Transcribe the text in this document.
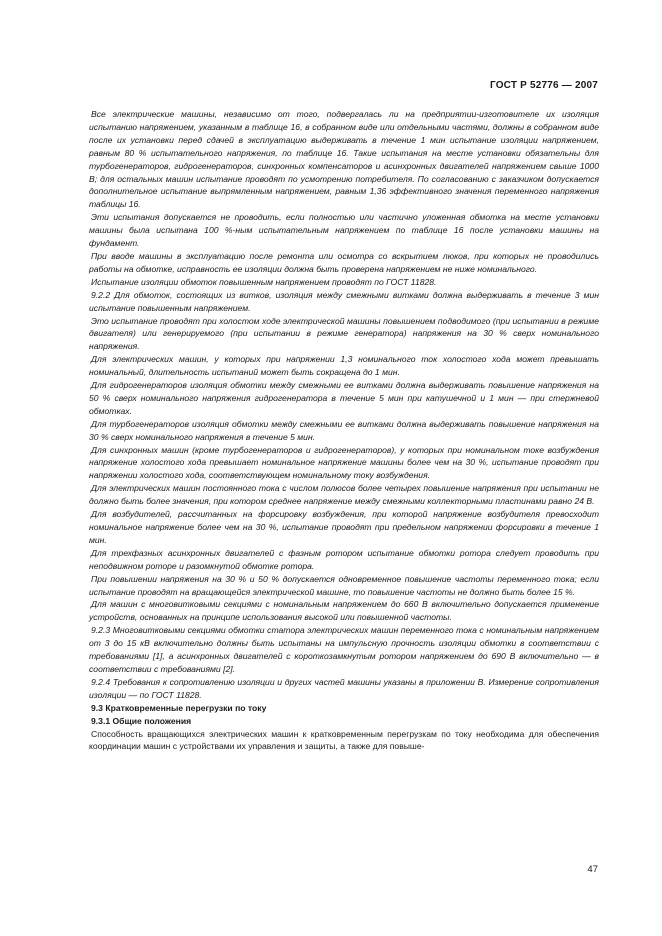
ГОСТ Р 52776 — 2007

Все электрические машины, независимо от того, подвергалась ли на предприятии-изготовителе их изоляция испытанию напряжением, указанным в таблице 16, в собранном виде или отдельными частями, должны в собранном виде после их установки перед сдачей в эксплуатацию выдерживать в течение 1 мин испытание изоляции напряжением, равным 80 % испытательного напряжения, по таблице 16. Такие испытания на месте установки обязательны для турбогенераторов, гидрогенераторов, синхронных компенсаторов и асинхронных двигателей напряжением свыше 1000 В; для остальных машин испытание проводят по усмотрению потребителя. По согласованию с заказчиком допускается дополнительное испытание выпрямленным напряжением, равным 1,36 эффективного значения переменного напряжения таблицы 16.

Эти испытания допускается не проводить, если полностью или частично уложенная обмотка на месте установки машины была испытана 100 %-ным испытательным напряжением по таблице 16 после установки машины на фундамент.

При вводе машины в эксплуатацию после ремонта или осмотра со вскрытием люков, при которых не проводились работы на обмотке, исправность ее изоляции должна быть проверена напряжением не ниже номинального.

Испытание изоляции обмоток повышенным напряжением проводят по ГОСТ 11828.

9.2.2 Для обмоток, состоящих из витков, изоляция между смежными витками должна выдерживать в течение 3 мин испытание повышенным напряжением.

Это испытание проводят при холостом ходе электрической машины повышением подводимого (при испытании в режиме двигателя) или генерируемого (при испытании в режиме генератора) напряжения на 30 % сверх номинального напряжения.

Для электрических машин, у которых при напряжении 1,3 номинального ток холостого хода может превышать номинальный, длительность испытаний может быть сокращена до 1 мин.

Для гидрогенераторов изоляция обмотки между смежными ее витками должна выдерживать повышение напряжения на 50 % сверх номинального напряжения гидрогенератора в течение 5 мин при катушечной и 1 мин — при стержневой обмотках.

Для турбогенераторов изоляция обмотки между смежными ее витками должна выдерживать повышение напряжения на 30 % сверх номинального напряжения в течение 5 мин.

Для синхронных машин (кроме турбогенераторов и гидрогенераторов), у которых при номинальном токе возбуждения напряжение холостого хода превышает номинальное напряжение машины более чем на 30 %, испытание проводят при напряжении холостого хода, соответствующем номинальному току возбуждения.

Для электрических машин постоянного тока с числом полюсов более четырех повышение напряжения при испытании не должно быть более значения, при котором среднее напряжение между смежными коллекторными пластинами равно 24 В.

Для возбудителей, рассчитанных на форсировку возбуждения, при которой напряжение возбудителя превосходит номинальное напряжение более чем на 30 %, испытание проводят при предельном напряжении форсировки в течение 1 мин.

Для трехфазных асинхронных двигателей с фазным ротором испытание обмотки ротора следует проводить при неподвижном роторе и разомкнутой обмотке ротора.

При повышении напряжения на 30 % и 50 % допускается одновременное повышение частоты переменного тока; если испытание проводят на вращающейся электрической машине, то повышение частоты не должно быть более 15 %.

Для машин с многовитковыми секциями с номинальным напряжением до 660 В включительно допускается применение устройств, основанных на принципе использования высокой или повышенной частоты.

9.2.3 Многовитковыми секциями обмотки статора электрических машин переменного тока с номинальным напряжением от 3 до 15 кВ включительно должны быть испытаны на импульсную прочность изоляции обмотки в соответствии с требованиями [1], а асинхронных двигателей с короткозамкнутым ротором напряжением до 690 В включительно — в соответствии с требованиями [2].

9.2.4 Требования к сопротивлению изоляции и других частей машины указаны в приложении В. Измерение сопротивления изоляции — по ГОСТ 11828.

9.3 Кратковременные перегрузки по току

9.3.1 Общие положения

Способность вращающихся электрических машин к кратковременным перегрузкам по току необходима для обеспечения координации машин с устройствами их управления и защиты, а также для повыше-

47
